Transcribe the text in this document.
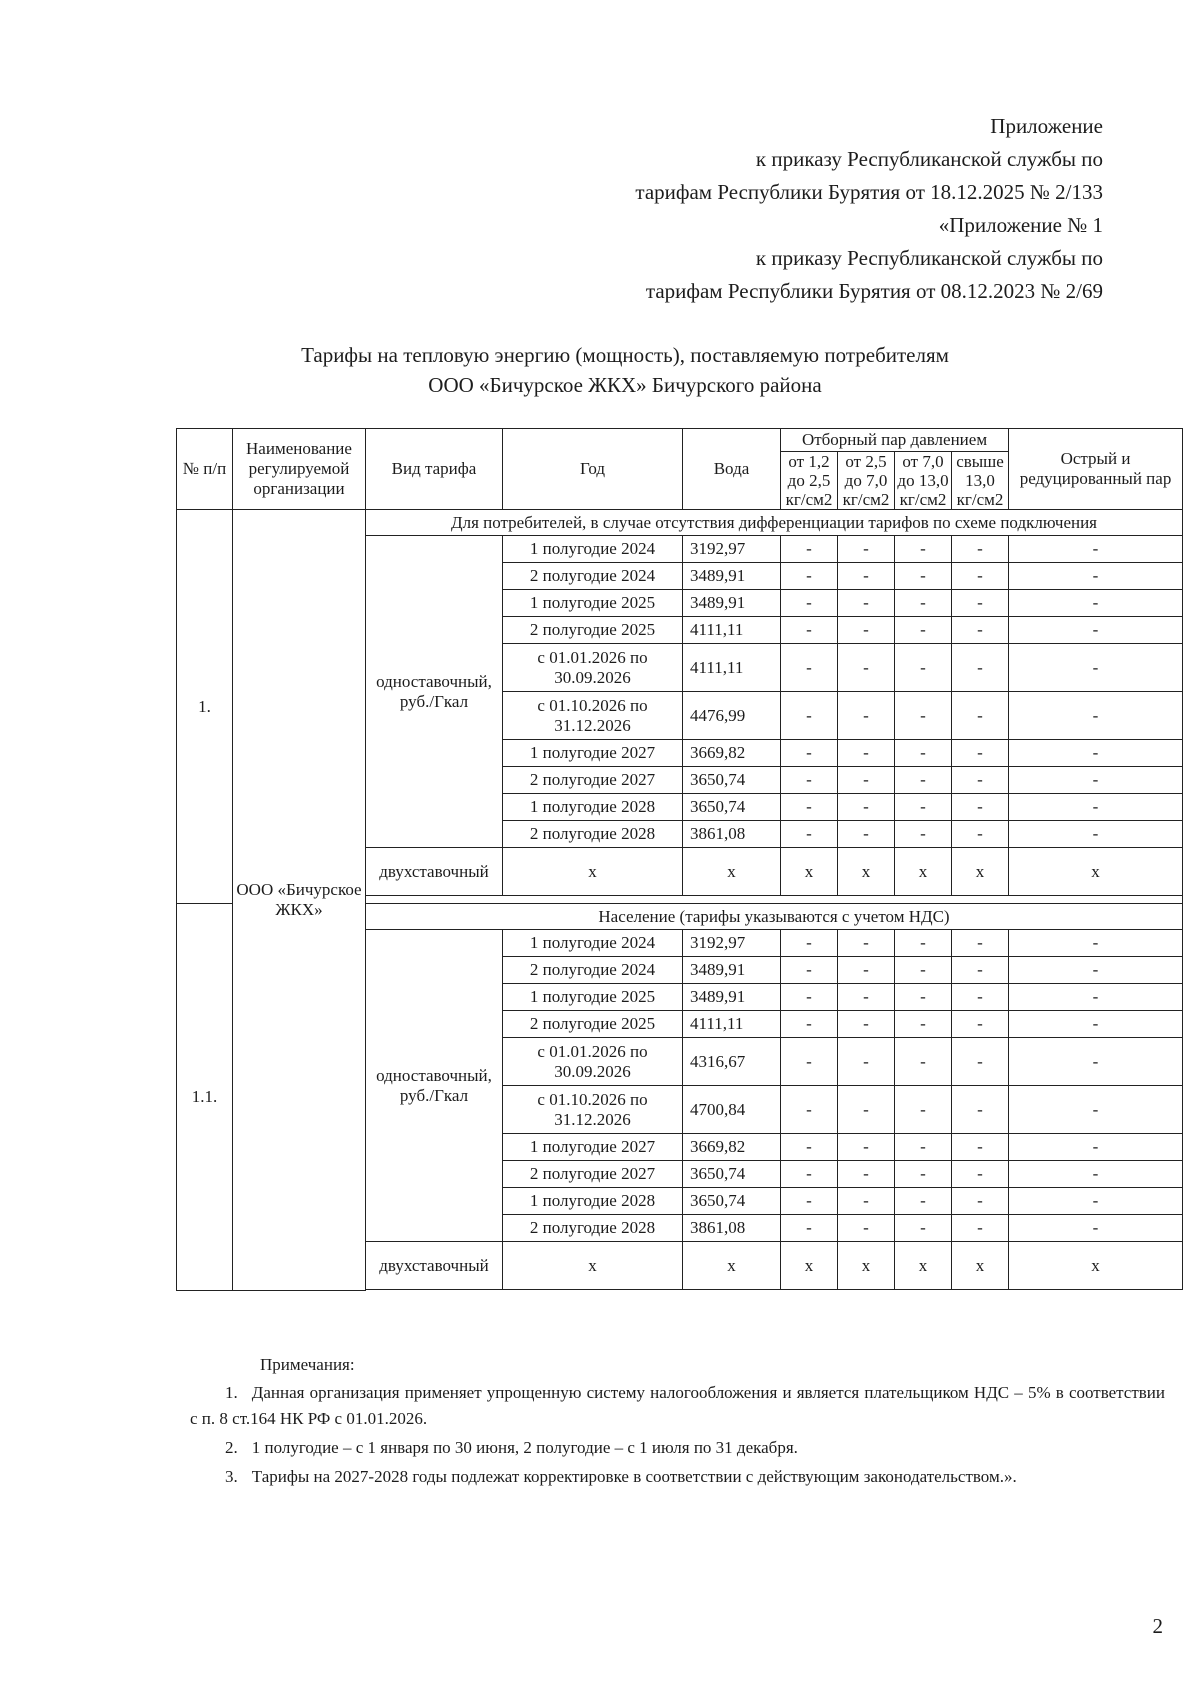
Приложение
к приказу Республиканской службы по
тарифам Республики Бурятия от 18.12.2025 № 2/133
«Приложение № 1
к приказу Республиканской службы по
тарифам Республики Бурятия от 08.12.2023 № 2/69
Тарифы на тепловую энергию (мощность), поставляемую потребителям
ООО «Бичурское ЖКХ» Бичурского района
№ п/п	Наименование регулируемой организации	Вид тарифа	Год	Вода	Отборный пар давлением				Острый и редуцированный пар
					от 1,2 до 2,5 кг/см2	от 2,5 до 7,0 кг/см2	от 7,0 до 13,0 кг/см2	свыше 13,0 кг/см2	
1.	ООО «Бичурское ЖКХ»	Для потребителей, в случае отсутствия дифференциации тарифов по схеме подключения							
		одноставочный, руб./Гкал	1 полугодие 2024	3192,97	-	-	-	-	-
			2 полугодие 2024	3489,91	-	-	-	-	-
			1 полугодие 2025	3489,91	-	-	-	-	-
			2 полугодие 2025	4111,11	-	-	-	-	-
			с 01.01.2026 по 30.09.2026	4111,11	-	-	-	-	-
			с 01.10.2026 по 31.12.2026	4476,99	-	-	-	-	-
			1 полугодие 2027	3669,82	-	-	-	-	-
			2 полугодие 2027	3650,74	-	-	-	-	-
			1 полугодие 2028	3650,74	-	-	-	-	-
			2 полугодие 2028	3861,08	-	-	-	-	-
		двухставочный	x	x	x	x	x	x	x

1.1.		Население (тарифы указываются с учетом НДС)							
		одноставочный, руб./Гкал	1 полугодие 2024	3192,97	-	-	-	-	-
			2 полугодие 2024	3489,91	-	-	-	-	-
			1 полугодие 2025	3489,91	-	-	-	-	-
			2 полугодие 2025	4111,11	-	-	-	-	-
			с 01.01.2026 по 30.09.2026	4316,67	-	-	-	-	-
			с 01.10.2026 по 31.12.2026	4700,84	-	-	-	-	-
			1 полугодие 2027	3669,82	-	-	-	-	-
			2 полугодие 2027	3650,74	-	-	-	-	-
			1 полугодие 2028	3650,74	-	-	-	-	-
			2 полугодие 2028	3861,08	-	-	-	-	-
		двухставочный	x	x	x	x	x	x	x

Примечания:
1. Данная организация применяет упрощенную систему налогообложения и является плательщиком НДС – 5% в соответствии с п. 8 ст.164 НК РФ с 01.01.2026.
2. 1 полугодие – с 1 января по 30 июня, 2 полугодие – с 1 июля по 31 декабря.
3. Тарифы на 2027-2028 годы подлежат корректировке в соответствии с действующим законодательством.».
2
